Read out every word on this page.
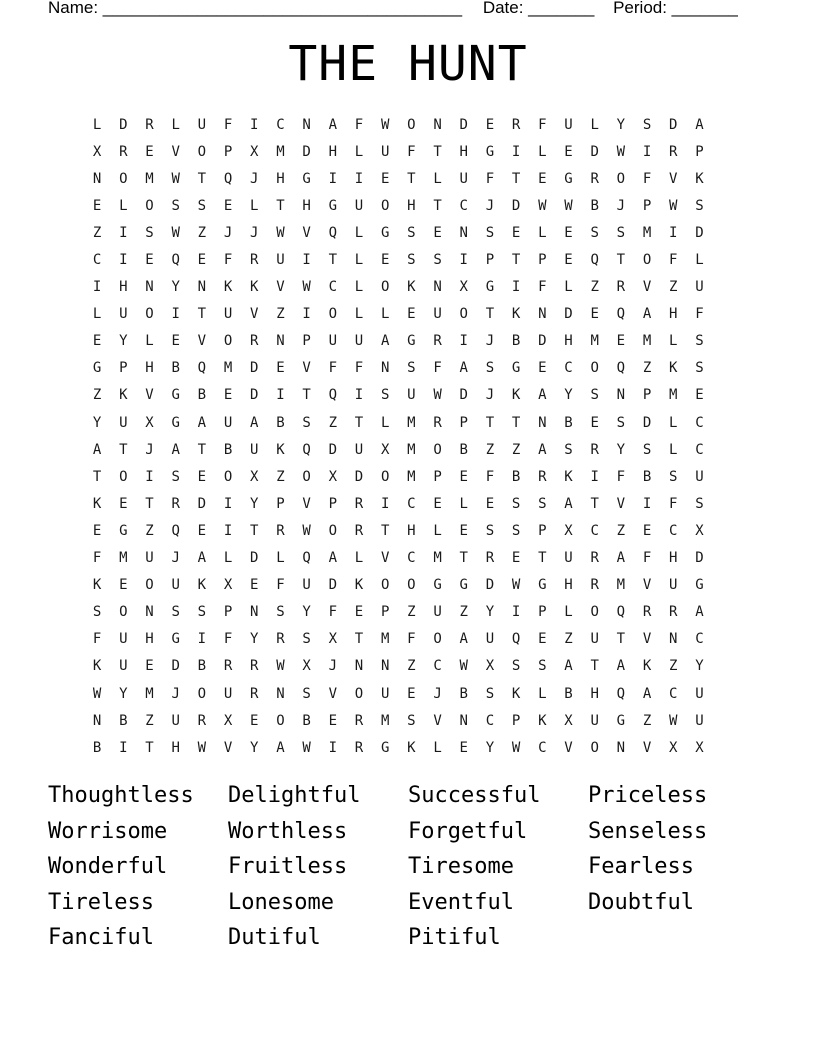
Name: ______________________________________ Date: _______ Period: _______
THE HUNT
L	D	R	L	U	F	I	C	N	A	F	W	O	N	D	E	R	F	U	L	Y	S	D	A
X	R	E	V	O	P	X	M	D	H	L	U	F	T	H	G	I	L	E	D	W	I	R	P
N	O	M	W	T	Q	J	H	G	I	I	E	T	L	U	F	T	E	G	R	O	F	V	K
E	L	O	S	S	E	L	T	H	G	U	O	H	T	C	J	D	W	W	B	J	P	W	S
Z	I	S	W	Z	J	J	W	V	Q	L	G	S	E	N	S	E	L	E	S	S	M	I	D
C	I	E	Q	E	F	R	U	I	T	L	E	S	S	I	P	T	P	E	Q	T	O	F	L
I	H	N	Y	N	K	K	V	W	C	L	O	K	N	X	G	I	F	L	Z	R	V	Z	U
L	U	O	I	T	U	V	Z	I	O	L	L	E	U	O	T	K	N	D	E	Q	A	H	F
E	Y	L	E	V	O	R	N	P	U	U	A	G	R	I	J	B	D	H	M	E	M	L	S
G	P	H	B	Q	M	D	E	V	F	F	N	S	F	A	S	G	E	C	O	Q	Z	K	S
Z	K	V	G	B	E	D	I	T	Q	I	S	U	W	D	J	K	A	Y	S	N	P	M	E
Y	U	X	G	A	U	A	B	S	Z	T	L	M	R	P	T	T	N	B	E	S	D	L	C
A	T	J	A	T	B	U	K	Q	D	U	X	M	O	B	Z	Z	A	S	R	Y	S	L	C
T	O	I	S	E	O	X	Z	O	X	D	O	M	P	E	F	B	R	K	I	F	B	S	U
K	E	T	R	D	I	Y	P	V	P	R	I	C	E	L	E	S	S	A	T	V	I	F	S
E	G	Z	Q	E	I	T	R	W	O	R	T	H	L	E	S	S	P	X	C	Z	E	C	X
F	M	U	J	A	L	D	L	Q	A	L	V	C	M	T	R	E	T	U	R	A	F	H	D
K	E	O	U	K	X	E	F	U	D	K	O	O	G	G	D	W	G	H	R	M	V	U	G
S	O	N	S	S	P	N	S	Y	F	E	P	Z	U	Z	Y	I	P	L	O	Q	R	R	A
F	U	H	G	I	F	Y	R	S	X	T	M	F	O	A	U	Q	E	Z	U	T	V	N	C
K	U	E	D	B	R	R	W	X	J	N	N	Z	C	W	X	S	S	A	T	A	K	Z	Y
W	Y	M	J	O	U	R	N	S	V	O	U	E	J	B	S	K	L	B	H	Q	A	C	U
N	B	Z	U	R	X	E	O	B	E	R	M	S	V	N	C	P	K	X	U	G	Z	W	U
B	I	T	H	W	V	Y	A	W	I	R	G	K	L	E	Y	W	C	V	O	N	V	X	X
Thoughtless	Delightful	Successful	Priceless
Worrisome	Worthless	Forgetful	Senseless
Wonderful	Fruitless	Tiresome	Fearless
Tireless	Lonesome	Eventful	Doubtful
Fanciful	Dutiful	Pitiful
